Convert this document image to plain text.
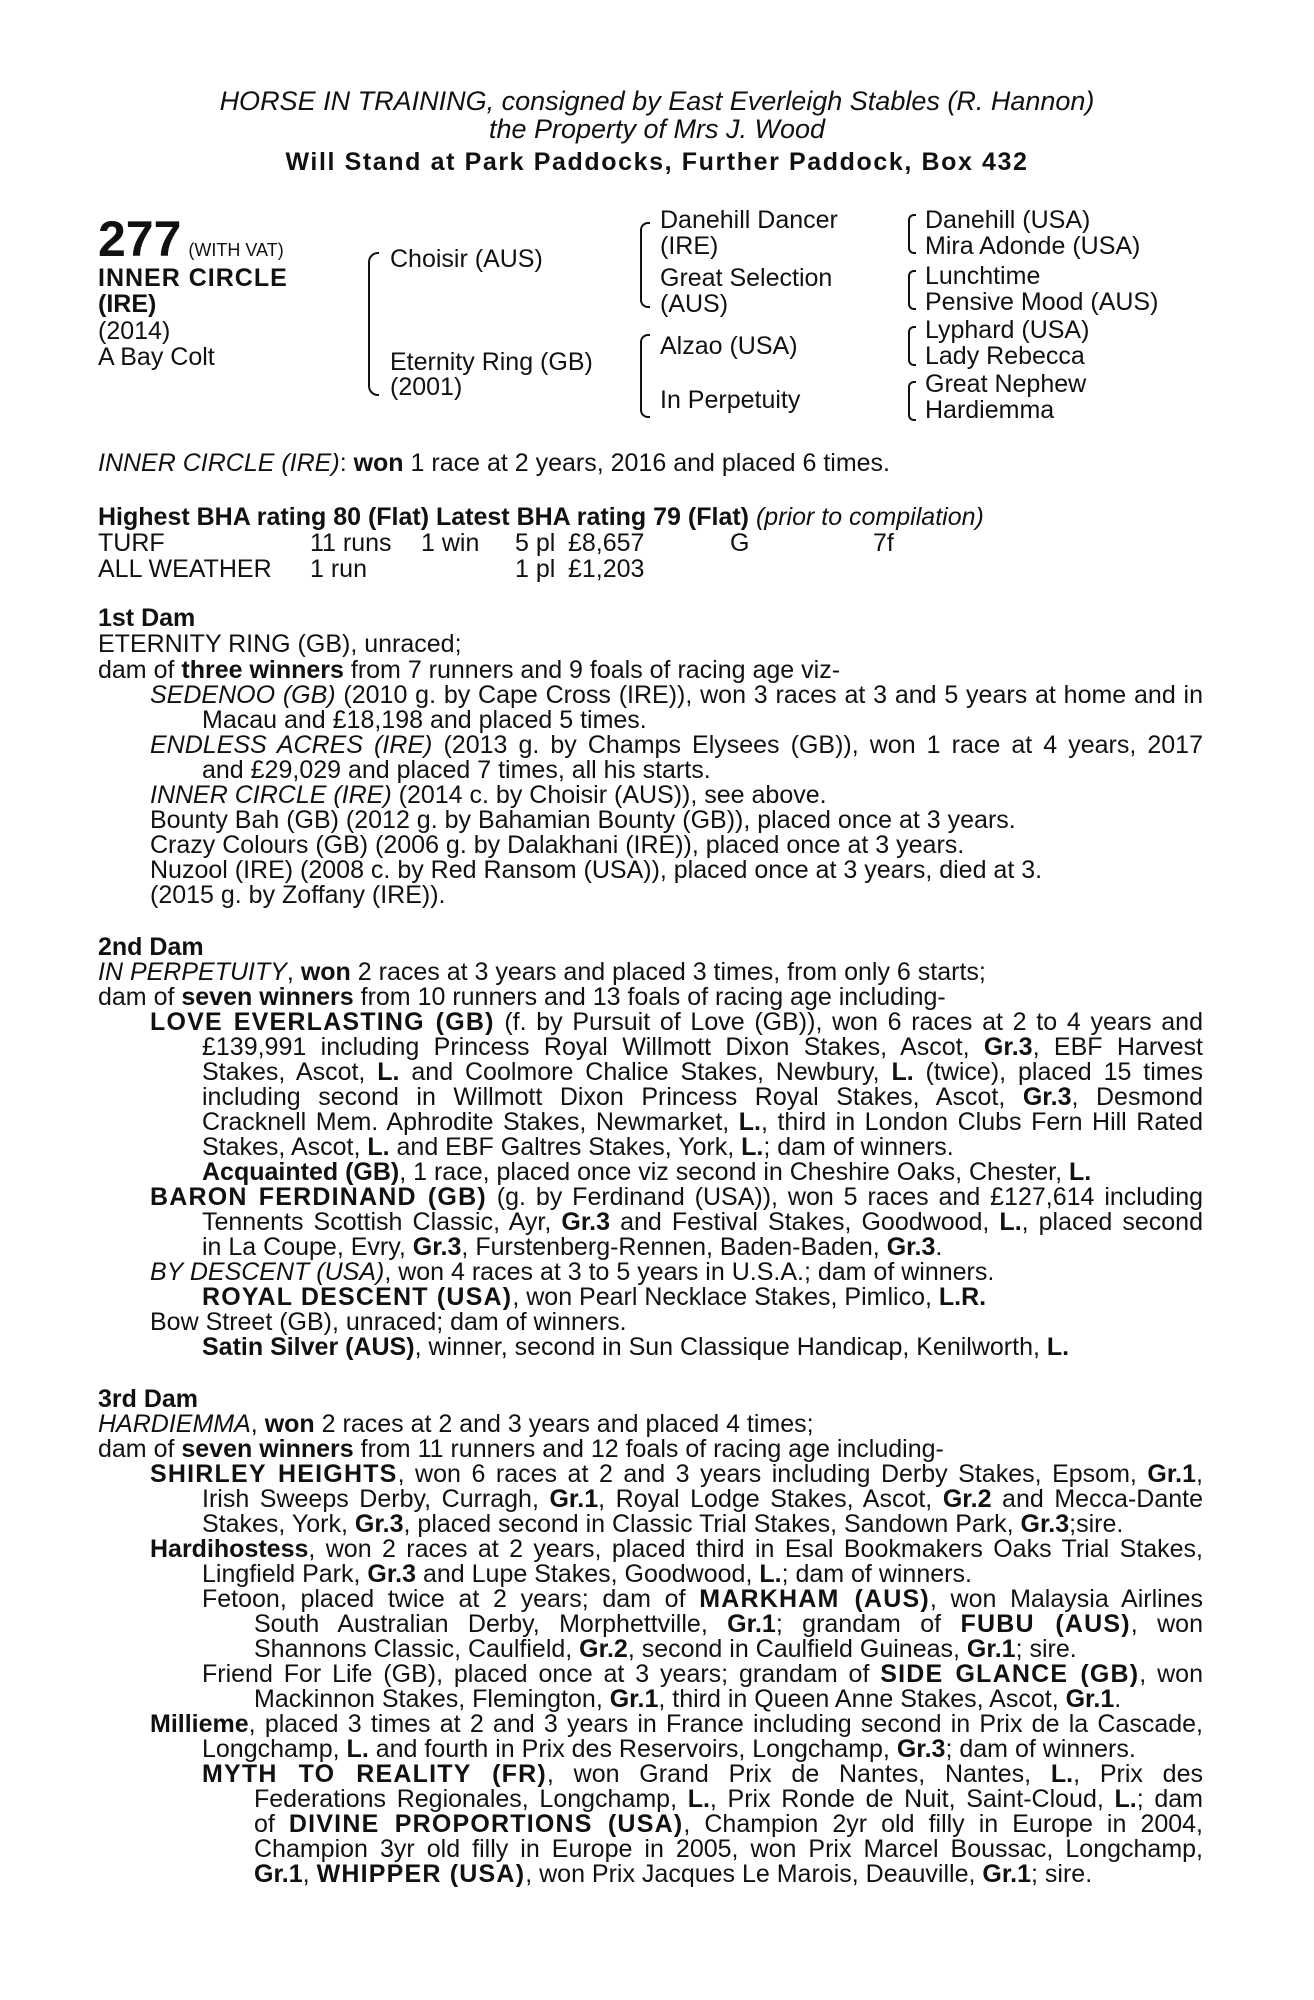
HORSE IN TRAINING, consigned by East Everleigh Stables (R. Hannon)
the Property of Mrs J. Wood
Will Stand at Park Paddocks, Further Paddock, Box 432
277 (WITH VAT)
INNER CIRCLE
(IRE)
(2014)
A Bay Colt
Choisir (AUS)
Eternity Ring (GB)
(2001)
Danehill Dancer
(IRE)
Great Selection
(AUS)
Alzao (USA)
In Perpetuity
Danehill (USA)
Mira Adonde (USA)
Lunchtime
Pensive Mood (AUS)
Lyphard (USA)
Lady Rebecca
Great Nephew
Hardiemma
INNER CIRCLE (IRE): won 1 race at 2 years, 2016 and placed 6 times.
Highest BHA rating 80 (Flat) Latest BHA rating 79 (Flat) (prior to compilation)
TURF	11 runs 1 win 5 pl £8,657	G	7f
ALL WEATHER 1 run	1 pl £1,203
1st Dam
ETERNITY RING (GB), unraced;
dam of three winners from 7 runners and 9 foals of racing age viz-
SEDENOO (GB) (2010 g. by Cape Cross (IRE)), won 3 races at 3 and 5 years at home and in
Macau and £18,198 and placed 5 times.
ENDLESS ACRES (IRE) (2013 g. by Champs Elysees (GB)), won 1 race at 4 years, 2017
and £29,029 and placed 7 times, all his starts.
INNER CIRCLE (IRE) (2014 c. by Choisir (AUS)), see above.
Bounty Bah (GB) (2012 g. by Bahamian Bounty (GB)), placed once at 3 years.
Crazy Colours (GB) (2006 g. by Dalakhani (IRE)), placed once at 3 years.
Nuzool (IRE) (2008 c. by Red Ransom (USA)), placed once at 3 years, died at 3.
(2015 g. by Zoffany (IRE)).
2nd Dam
IN PERPETUITY, won 2 races at 3 years and placed 3 times, from only 6 starts;
dam of seven winners from 10 runners and 13 foals of racing age including-
LOVE EVERLASTING (GB) (f. by Pursuit of Love (GB)), won 6 races at 2 to 4 years and
£139,991 including Princess Royal Willmott Dixon Stakes, Ascot, Gr.3, EBF Harvest
Stakes, Ascot, L. and Coolmore Chalice Stakes, Newbury, L. (twice), placed 15 times
including second in Willmott Dixon Princess Royal Stakes, Ascot, Gr.3, Desmond
Cracknell Mem. Aphrodite Stakes, Newmarket, L., third in London Clubs Fern Hill Rated
Stakes, Ascot, L. and EBF Galtres Stakes, York, L.; dam of winners.
Acquainted (GB), 1 race, placed once viz second in Cheshire Oaks, Chester, L.
BARON FERDINAND (GB) (g. by Ferdinand (USA)), won 5 races and £127,614 including
Tennents Scottish Classic, Ayr, Gr.3 and Festival Stakes, Goodwood, L., placed second
in La Coupe, Evry, Gr.3, Furstenberg-Rennen, Baden-Baden, Gr.3.
BY DESCENT (USA), won 4 races at 3 to 5 years in U.S.A.; dam of winners.
ROYAL DESCENT (USA), won Pearl Necklace Stakes, Pimlico, L.R.
Bow Street (GB), unraced; dam of winners.
Satin Silver (AUS), winner, second in Sun Classique Handicap, Kenilworth, L.
3rd Dam
HARDIEMMA, won 2 races at 2 and 3 years and placed 4 times;
dam of seven winners from 11 runners and 12 foals of racing age including-
SHIRLEY HEIGHTS, won 6 races at 2 and 3 years including Derby Stakes, Epsom, Gr.1,
Irish Sweeps Derby, Curragh, Gr.1, Royal Lodge Stakes, Ascot, Gr.2 and Mecca-Dante
Stakes, York, Gr.3, placed second in Classic Trial Stakes, Sandown Park, Gr.3;sire.
Hardihostess, won 2 races at 2 years, placed third in Esal Bookmakers Oaks Trial Stakes,
Lingfield Park, Gr.3 and Lupe Stakes, Goodwood, L.; dam of winners.
Fetoon, placed twice at 2 years; dam of MARKHAM (AUS), won Malaysia Airlines
South Australian Derby, Morphettville, Gr.1; grandam of FUBU (AUS), won
Shannons Classic, Caulfield, Gr.2, second in Caulfield Guineas, Gr.1; sire.
Friend For Life (GB), placed once at 3 years; grandam of SIDE GLANCE (GB), won
Mackinnon Stakes, Flemington, Gr.1, third in Queen Anne Stakes, Ascot, Gr.1.
Millieme, placed 3 times at 2 and 3 years in France including second in Prix de la Cascade,
Longchamp, L. and fourth in Prix des Reservoirs, Longchamp, Gr.3; dam of winners.
MYTH TO REALITY (FR), won Grand Prix de Nantes, Nantes, L., Prix des
Federations Regionales, Longchamp, L., Prix Ronde de Nuit, Saint-Cloud, L.; dam
of DIVINE PROPORTIONS (USA), Champion 2yr old filly in Europe in 2004,
Champion 3yr old filly in Europe in 2005, won Prix Marcel Boussac, Longchamp,
Gr.1, WHIPPER (USA), won Prix Jacques Le Marois, Deauville, Gr.1; sire.
